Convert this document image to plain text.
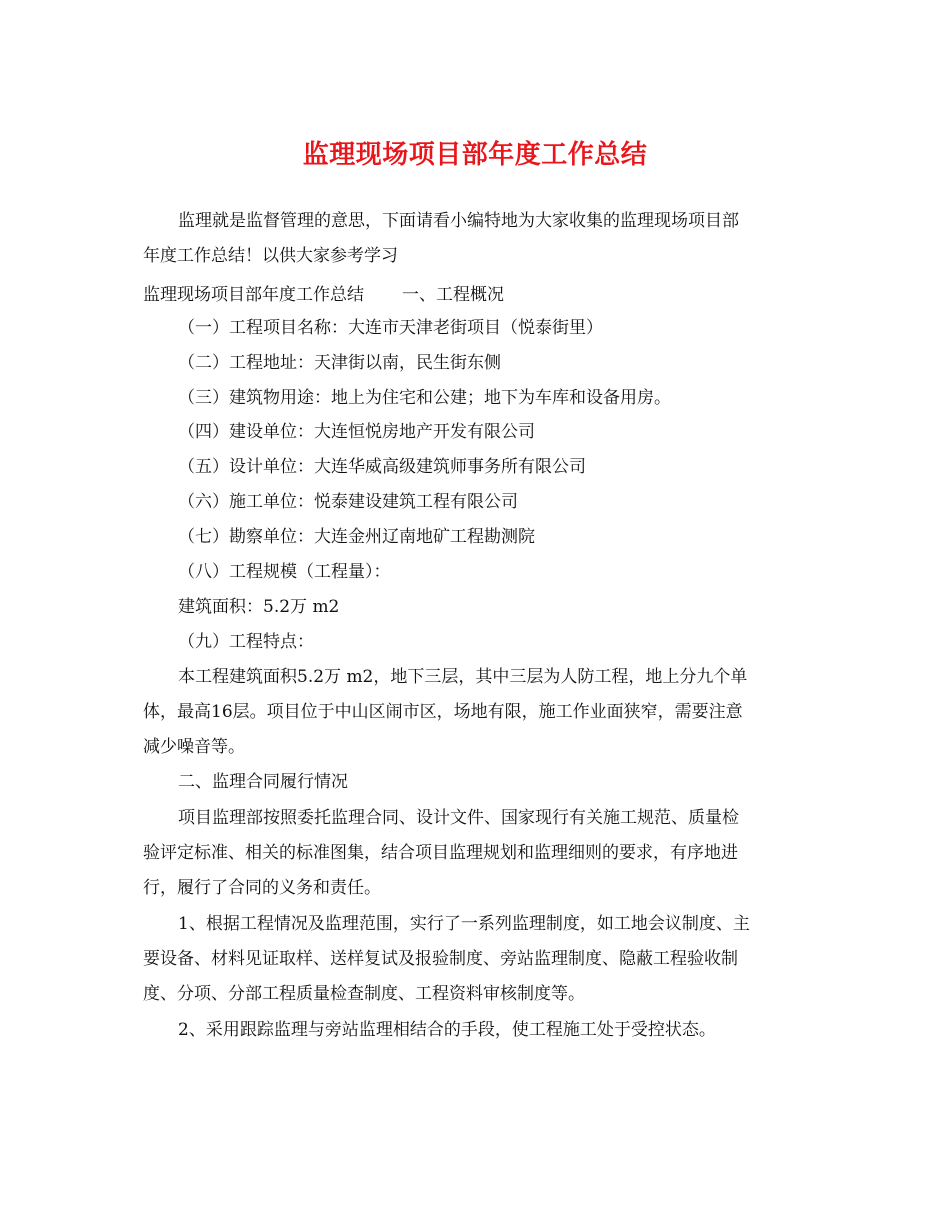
监理现场项目部年度工作总结
监理就是监督管理的意思，下面请看小编特地为大家收集的监理现场项目部
年度工作总结！以供大家参考学习
监理现场项目部年度工作总结 一、工程概况
（一）工程项目名称：大连市天津老街项目（悦泰街里）
（二）工程地址：天津街以南，民生街东侧
（三）建筑物用途：地上为住宅和公建；地下为车库和设备用房。
（四）建设单位：大连恒悦房地产开发有限公司
（五）设计单位：大连华威高级建筑师事务所有限公司
（六）施工单位：悦泰建设建筑工程有限公司
（七）勘察单位：大连金州辽南地矿工程勘测院
（八）工程规模（工程量）：
建筑面积：5.2万 m2
（九）工程特点：
本工程建筑面积5.2万 m2，地下三层，其中三层为人防工程，地上分九个单
体，最高16层。项目位于中山区闹市区，场地有限，施工作业面狭窄，需要注意
减少噪音等。
二、监理合同履行情况
项目监理部按照委托监理合同、设计文件、国家现行有关施工规范、质量检
验评定标准、相关的标准图集，结合项目监理规划和监理细则的要求，有序地进
行，履行了合同的义务和责任。
1、根据工程情况及监理范围，实行了一系列监理制度，如工地会议制度、主
要设备、材料见证取样、送样复试及报验制度、旁站监理制度、隐蔽工程验收制
度、分项、分部工程质量检查制度、工程资料审核制度等。
2、采用跟踪监理与旁站监理相结合的手段，使工程施工处于受控状态。
